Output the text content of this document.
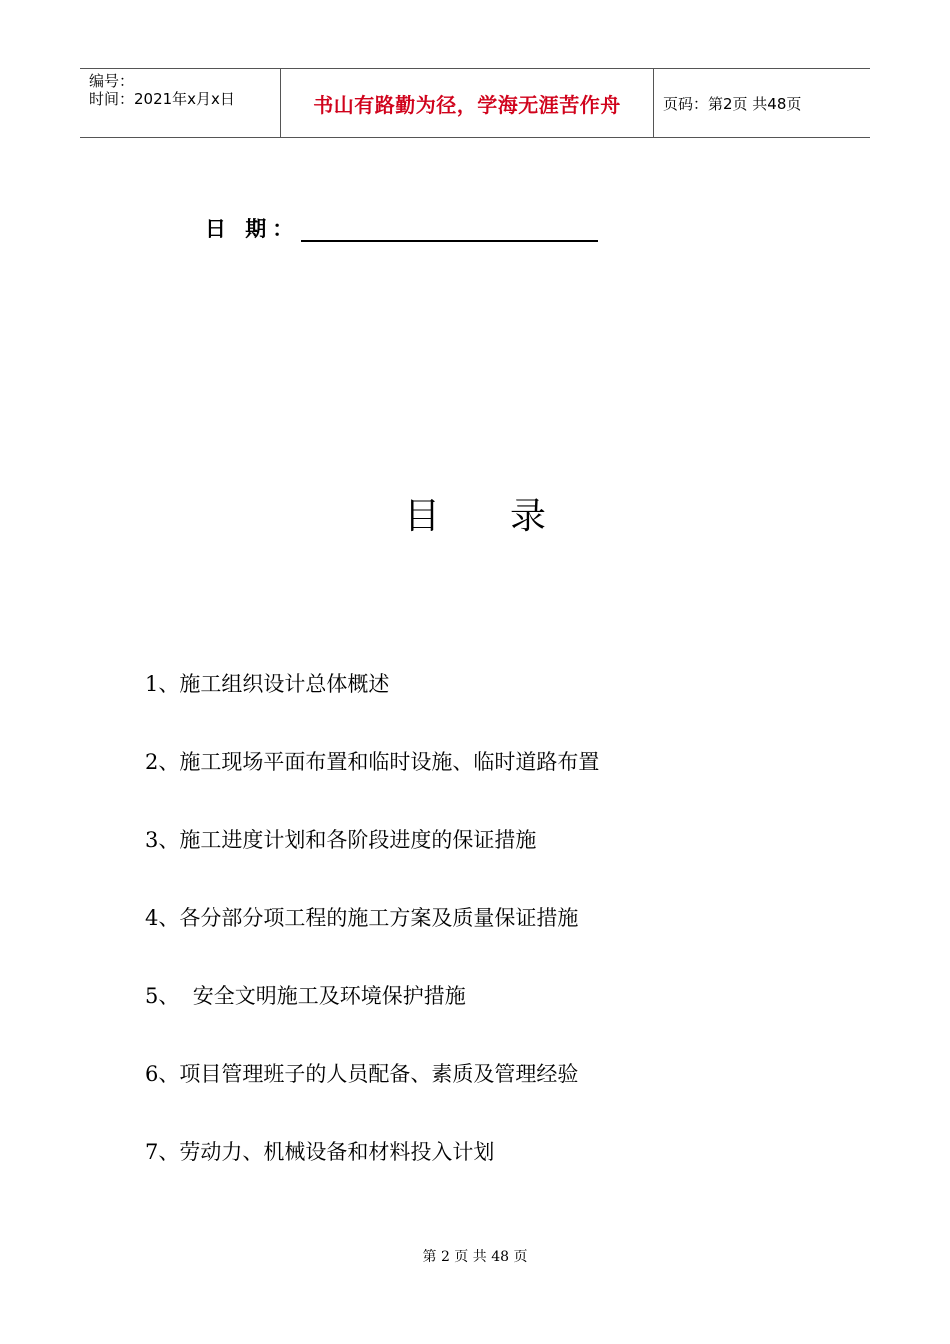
编号：
时间：2021年x月x日	书山有路勤为径，学海无涯苦作舟	页码：第2页 共48页
日 期：
目录
1、施工组织设计总体概述
2、施工现场平面布置和临时设施、临时道路布置
3、施工进度计划和各阶段进度的保证措施
4、各分部分项工程的施工方案及质量保证措施
5、  安全文明施工及环境保护措施
6、项目管理班子的人员配备、素质及管理经验
7、劳动力、机械设备和材料投入计划
第 2 页 共 48 页
